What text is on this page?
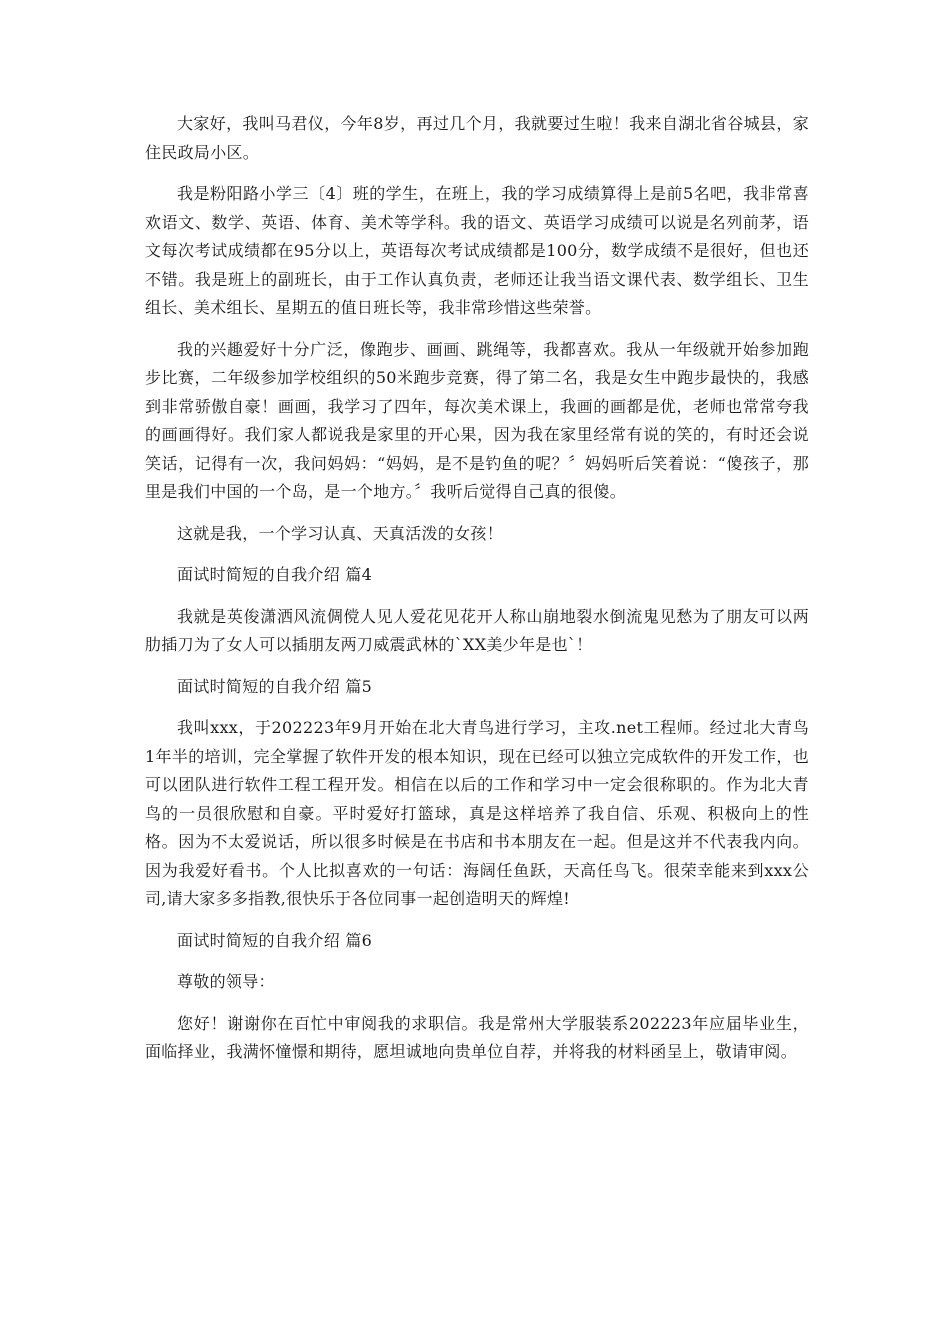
大家好，我叫马君仪，今年8岁，再过几个月，我就要过生啦！我来自湖北省谷城县，家住民政局小区。

我是粉阳路小学三〔4〕班的学生，在班上，我的学习成绩算得上是前5名吧，我非常喜欢语文、数学、英语、体育、美术等学科。我的语文、英语学习成绩可以说是名列前茅，语文每次考试成绩都在95分以上，英语每次考试成绩都是100分，数学成绩不是很好，但也还不错。我是班上的副班长，由于工作认真负责，老师还让我当语文课代表、数学组长、卫生组长、美术组长、星期五的值日班长等，我非常珍惜这些荣誉。

我的兴趣爱好十分广泛，像跑步、画画、跳绳等，我都喜欢。我从一年级就开始参加跑步比赛，二年级参加学校组织的50米跑步竞赛，得了第二名，我是女生中跑步最快的，我感到非常骄傲自豪！画画，我学习了四年，每次美术课上，我画的画都是优，老师也常常夸我的画画得好。我们家人都说我是家里的开心果，因为我在家里经常有说的笑的，有时还会说笑话，记得有一次，我问妈妈：“妈妈，是不是钓鱼的呢？〞妈妈听后笑着说：“傻孩子，那里是我们中国的一个岛，是一个地方。〞我听后觉得自己真的很傻。

这就是我，一个学习认真、天真活泼的女孩！

面试时简短的自我介绍 篇4

我就是英俊潇洒风流倜傥人见人爱花见花开人称山崩地裂水倒流鬼见愁为了朋友可以两肋插刀为了女人可以插朋友两刀威震武林的`XX美少年是也`！

面试时简短的自我介绍 篇5

我叫xxx，于202223年9月开始在北大青鸟进行学习，主攻.net工程师。经过北大青鸟1年半的培训，完全掌握了软件开发的根本知识，现在已经可以独立完成软件的开发工作，也可以团队进行软件工程工程开发。相信在以后的工作和学习中一定会很称职的。作为北大青鸟的一员很欣慰和自豪。平时爱好打篮球，真是这样培养了我自信、乐观、积极向上的性格。因为不太爱说话，所以很多时候是在书店和书本朋友在一起。但是这并不代表我内向。因为我爱好看书。个人比拟喜欢的一句话：海阔任鱼跃，天高任鸟飞。很荣幸能来到xxx公司,请大家多多指教,很快乐于各位同事一起创造明天的辉煌!

面试时简短的自我介绍 篇6

尊敬的领导：

您好！谢谢你在百忙中审阅我的求职信。我是常州大学服装系202223年应届毕业生，面临择业，我满怀憧憬和期待，愿坦诚地向贵单位自荐，并将我的材料函呈上，敬请审阅。
